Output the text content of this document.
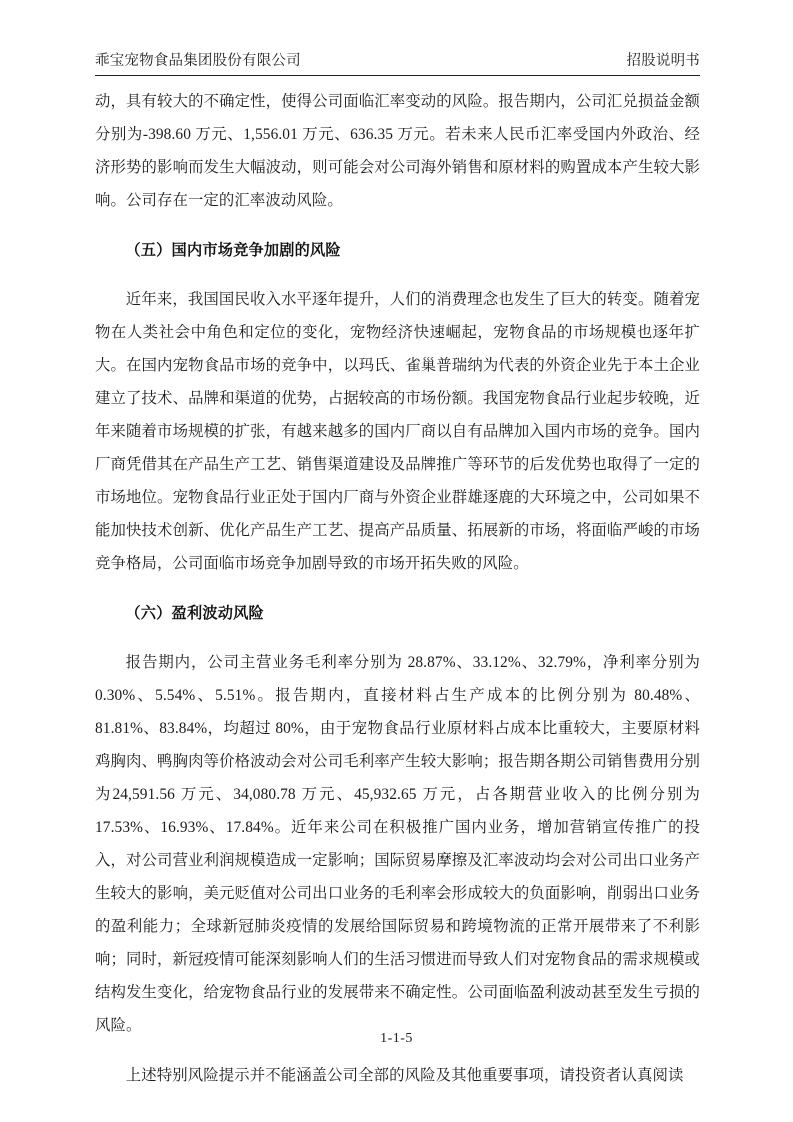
乖宝宠物食品集团股份有限公司	招股说明书

动，具有较大的不确定性，使得公司面临汇率变动的风险。报告期内，公司汇兑损益金额分别为-398.60 万元、1,556.01 万元、636.35 万元。若未来人民币汇率受国内外政治、经济形势的影响而发生大幅波动，则可能会对公司海外销售和原材料的购置成本产生较大影响。公司存在一定的汇率波动风险。

（五）国内市场竞争加剧的风险

近年来，我国国民收入水平逐年提升，人们的消费理念也发生了巨大的转变。随着宠物在人类社会中角色和定位的变化，宠物经济快速崛起，宠物食品的市场规模也逐年扩大。在国内宠物食品市场的竞争中，以玛氏、雀巢普瑞纳为代表的外资企业先于本土企业建立了技术、品牌和渠道的优势，占据较高的市场份额。我国宠物食品行业起步较晚，近年来随着市场规模的扩张，有越来越多的国内厂商以自有品牌加入国内市场的竞争。国内厂商凭借其在产品生产工艺、销售渠道建设及品牌推广等环节的后发优势也取得了一定的市场地位。宠物食品行业正处于国内厂商与外资企业群雄逐鹿的大环境之中，公司如果不能加快技术创新、优化产品生产工艺、提高产品质量、拓展新的市场，将面临严峻的市场竞争格局，公司面临市场竞争加剧导致的市场开拓失败的风险。

（六）盈利波动风险

报告期内，公司主营业务毛利率分别为 28.87%、33.12%、32.79%，净利率分别为0.30%、5.54%、5.51%。报告期内，直接材料占生产成本的比例分别为 80.48%、81.81%、83.84%，均超过 80%，由于宠物食品行业原材料占成本比重较大，主要原材料鸡胸肉、鸭胸肉等价格波动会对公司毛利率产生较大影响；报告期各期公司销售费用分别为24,591.56 万元、34,080.78 万元、45,932.65 万元，占各期营业收入的比例分别为 17.53%、16.93%、17.84%。近年来公司在积极推广国内业务，增加营销宣传推广的投入，对公司营业利润规模造成一定影响；国际贸易摩擦及汇率波动均会对公司出口业务产生较大的影响，美元贬值对公司出口业务的毛利率会形成较大的负面影响，削弱出口业务的盈利能力；全球新冠肺炎疫情的发展给国际贸易和跨境物流的正常开展带来了不利影响；同时，新冠疫情可能深刻影响人们的生活习惯进而导致人们对宠物食品的需求规模或结构发生变化，给宠物食品行业的发展带来不确定性。公司面临盈利波动甚至发生亏损的风险。

上述特别风险提示并不能涵盖公司全部的风险及其他重要事项，请投资者认真阅读

1-1-5
